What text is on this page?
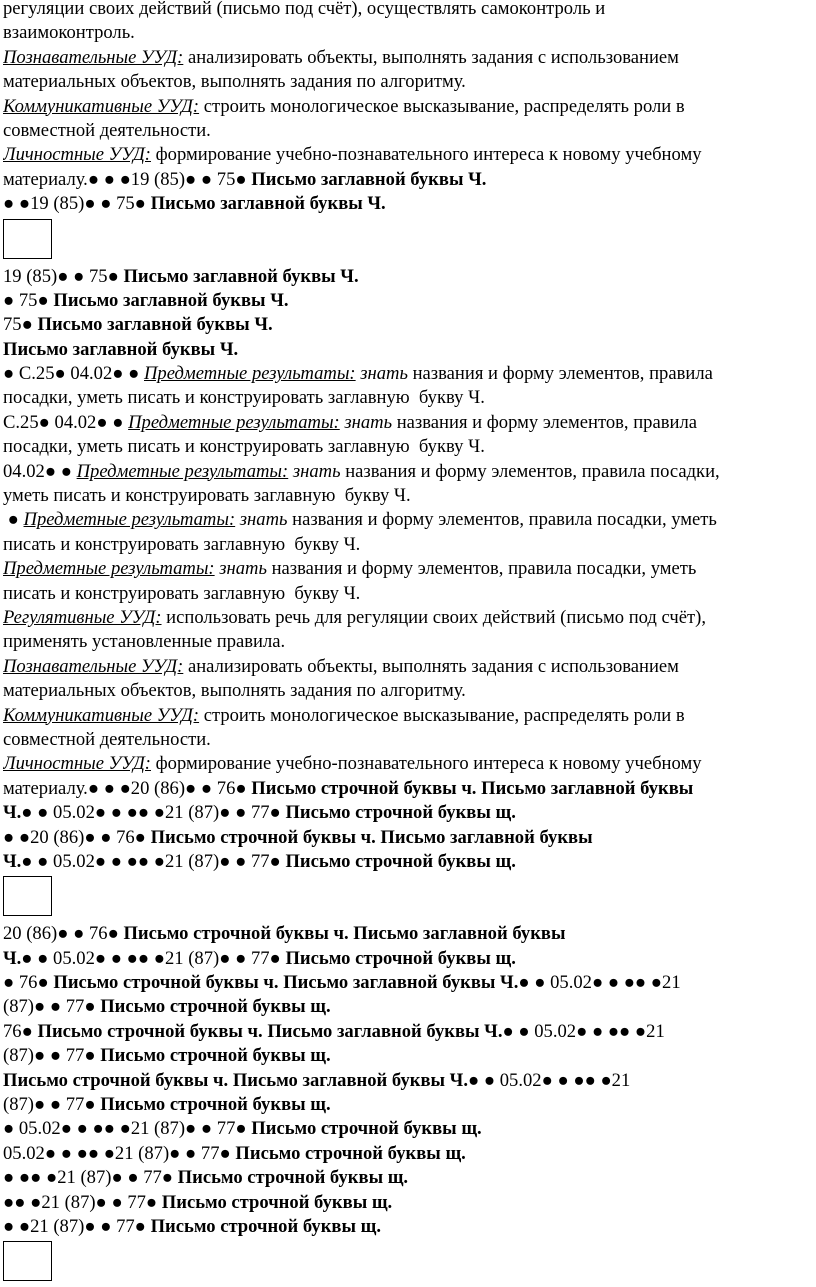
регуляции своих действий (письмо под счёт), осуществлять самоконтроль и
взаимоконтроль.
Познавательные УУД: анализировать объекты, выполнять задания с использованием
материальных объектов, выполнять задания по алгоритму.
Коммуникативные УУД: строить монологическое высказывание, распределять роли в
совместной деятельности.
Личностные УУД: формирование учебно-познавательного интереса к новому учебному
материалу.● ● ●19 (85)● ● 75● Письмо заглавной буквы Ч.
● ●19 (85)● ● 75● Письмо заглавной буквы Ч.
19 (85)● ● 75● Письмо заглавной буквы Ч.
● 75● Письмо заглавной буквы Ч.
75● Письмо заглавной буквы Ч.
Письмо заглавной буквы Ч.
● С.25● 04.02● ● Предметные результаты: знать названия и форму элементов, правила
посадки, уметь писать и конструировать заглавную  букву Ч.
С.25● 04.02● ● Предметные результаты: знать названия и форму элементов, правила
посадки, уметь писать и конструировать заглавную  букву Ч.
04.02● ● Предметные результаты: знать названия и форму элементов, правила посадки,
уметь писать и конструировать заглавную  букву Ч.
● Предметные результаты: знать названия и форму элементов, правила посадки, уметь
писать и конструировать заглавную  букву Ч.
Предметные результаты: знать названия и форму элементов, правила посадки, уметь
писать и конструировать заглавную  букву Ч.
Регулятивные УУД: использовать речь для регуляции своих действий (письмо под счёт),
применять установленные правила.
Познавательные УУД: анализировать объекты, выполнять задания с использованием
материальных объектов, выполнять задания по алгоритму.
Коммуникативные УУД: строить монологическое высказывание, распределять роли в
совместной деятельности.
Личностные УУД: формирование учебно-познавательного интереса к новому учебному
материалу.● ● ●20 (86)● ● 76● Письмо строчной буквы ч. Письмо заглавной буквы
Ч.● ● 05.02● ● ●● ●21 (87)● ● 77● Письмо строчной буквы щ.
● ●20 (86)● ● 76● Письмо строчной буквы ч. Письмо заглавной буквы
Ч.● ● 05.02● ● ●● ●21 (87)● ● 77● Письмо строчной буквы щ.
20 (86)● ● 76● Письмо строчной буквы ч. Письмо заглавной буквы
Ч.● ● 05.02● ● ●● ●21 (87)● ● 77● Письмо строчной буквы щ.
● 76● Письмо строчной буквы ч. Письмо заглавной буквы Ч.● ● 05.02● ● ●● ●21
(87)● ● 77● Письмо строчной буквы щ.
76● Письмо строчной буквы ч. Письмо заглавной буквы Ч.● ● 05.02● ● ●● ●21
(87)● ● 77● Письмо строчной буквы щ.
Письмо строчной буквы ч. Письмо заглавной буквы Ч.● ● 05.02● ● ●● ●21
(87)● ● 77● Письмо строчной буквы щ.
● 05.02● ● ●● ●21 (87)● ● 77● Письмо строчной буквы щ.
05.02● ● ●● ●21 (87)● ● 77● Письмо строчной буквы щ.
● ●● ●21 (87)● ● 77● Письмо строчной буквы щ.
●● ●21 (87)● ● 77● Письмо строчной буквы щ.
● ●21 (87)● ● 77● Письмо строчной буквы щ.
